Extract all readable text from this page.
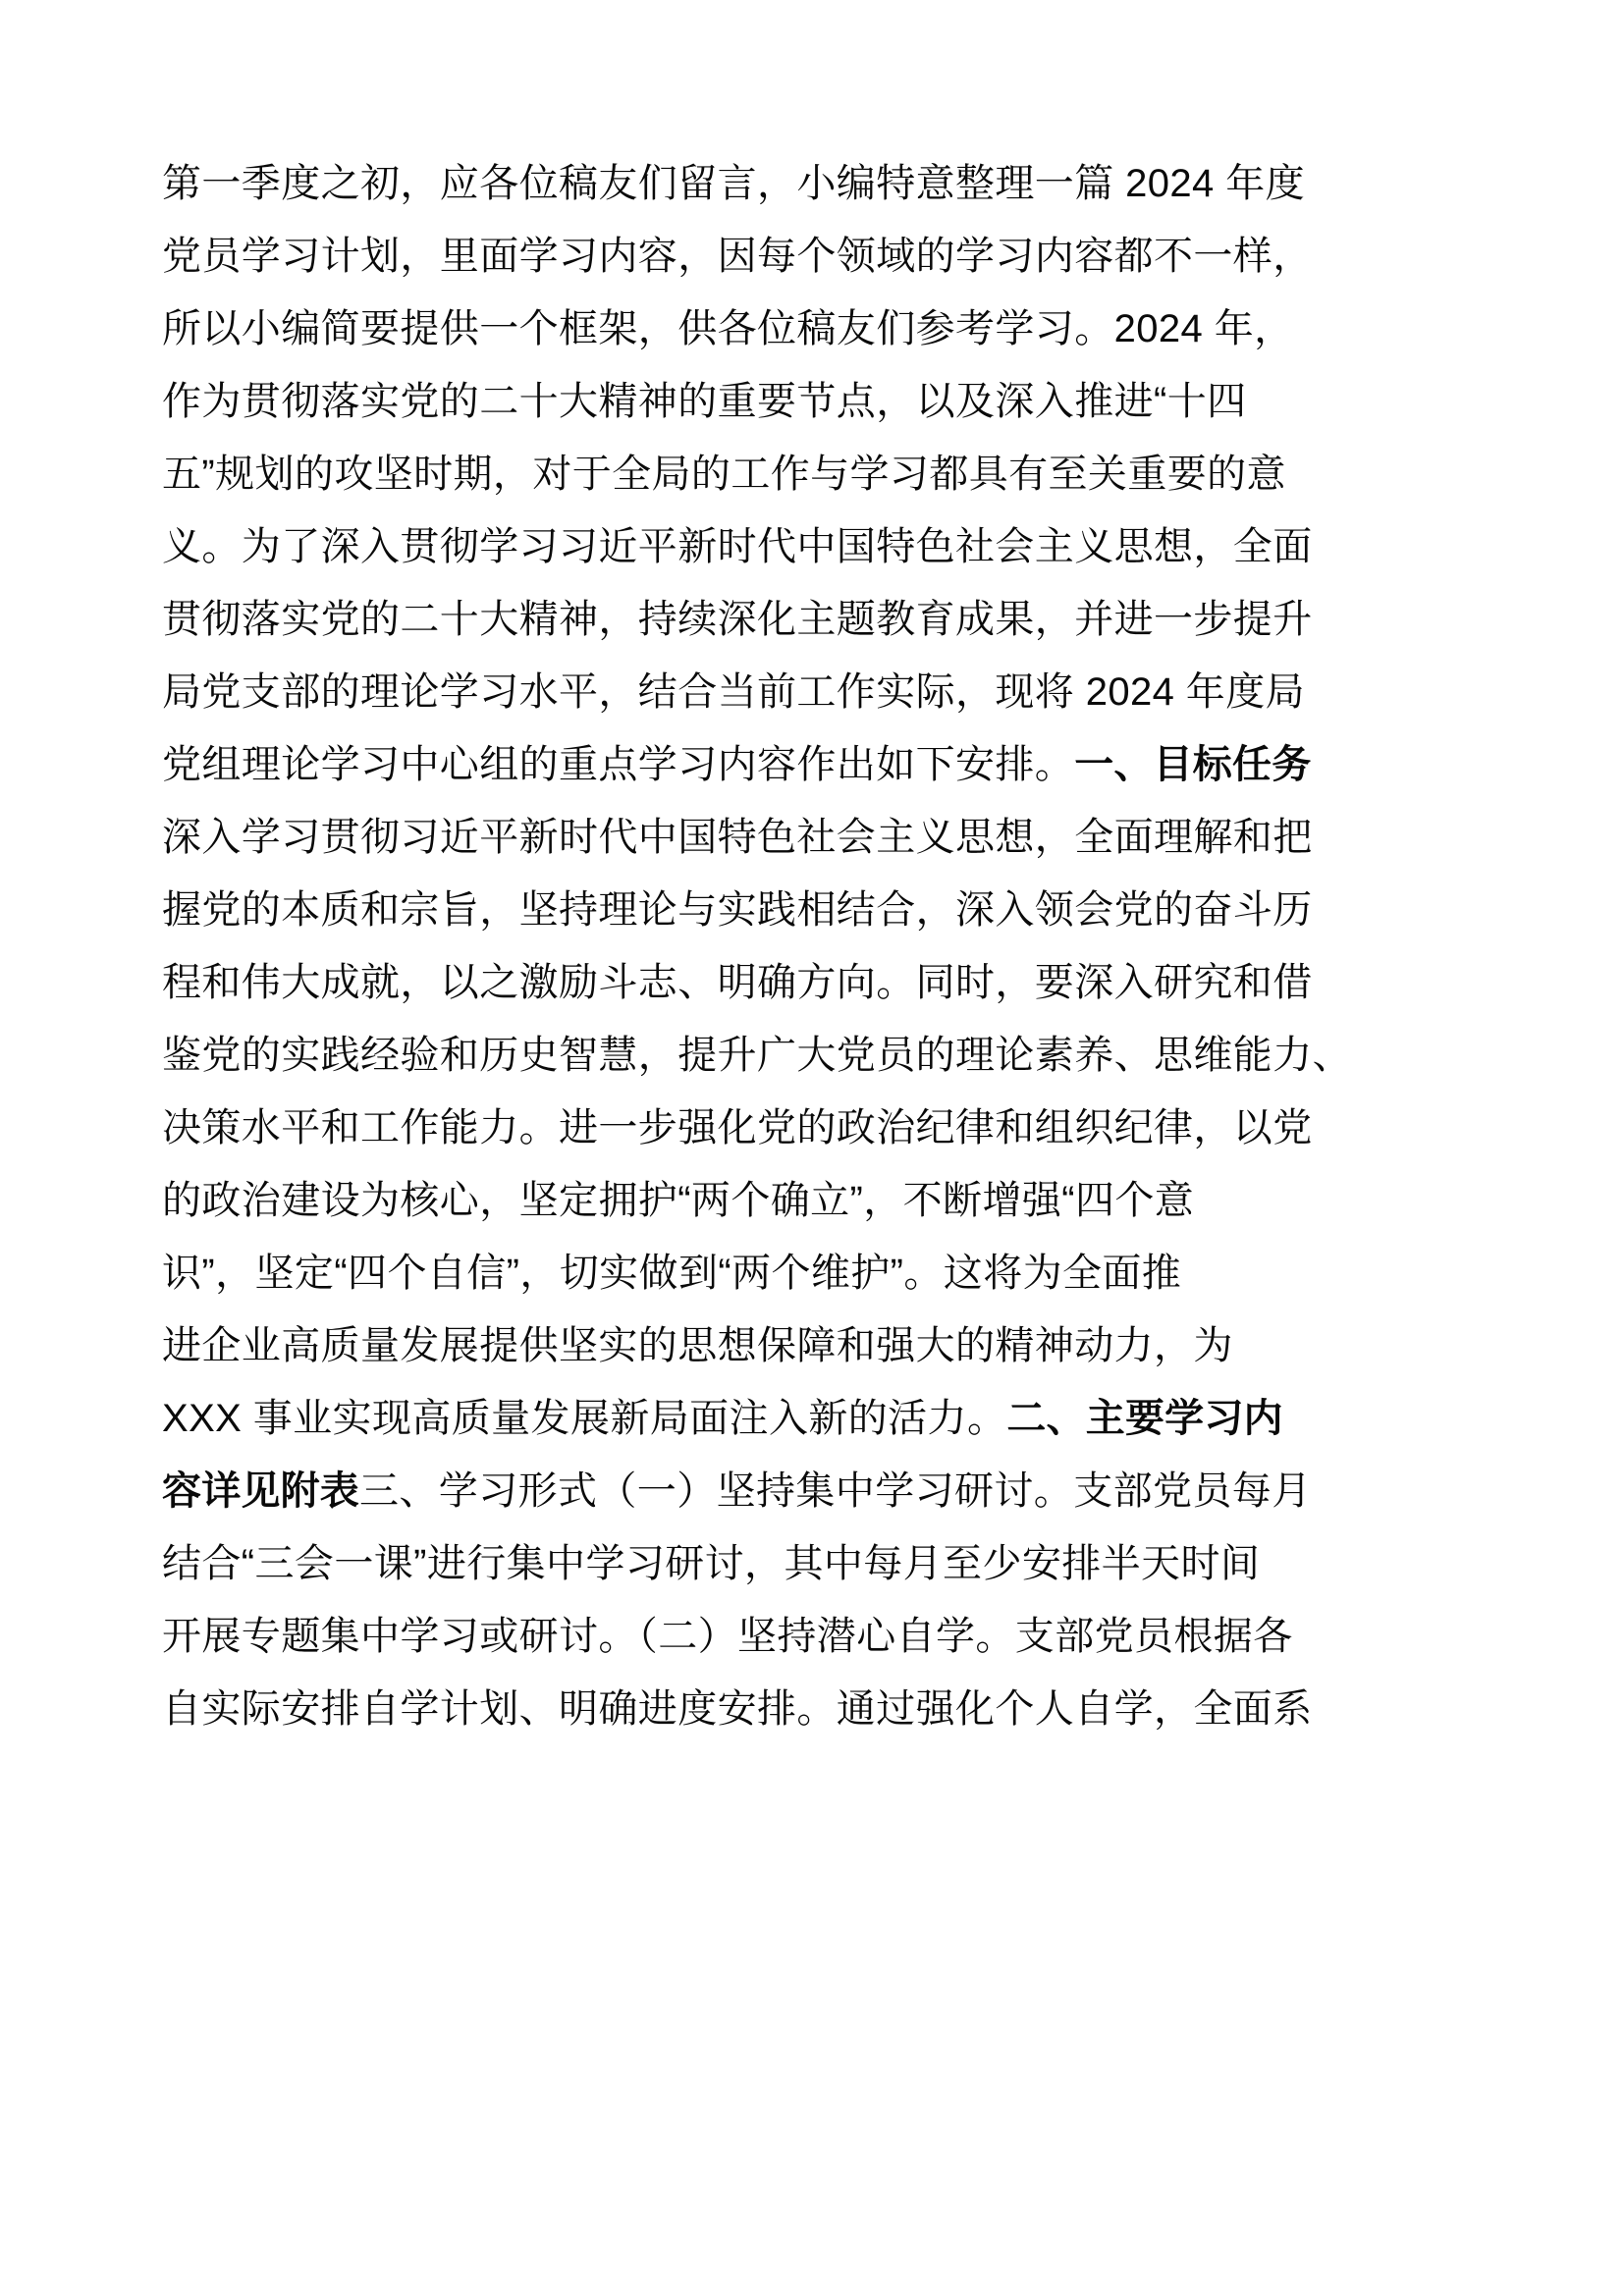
第一季度之初，应各位稿友们留言，小编特意整理一篇 2024 年度
党员学习计划，里面学习内容，因每个领域的学习内容都不一样，
所以小编简要提供一个框架，供各位稿友们参考学习。2024 年，
作为贯彻落实党的二十大精神的重要节点，以及深入推进“十四
五”规划的攻坚时期，对于全局的工作与学习都具有至关重要的意
义。为了深入贯彻学习习近平新时代中国特色社会主义思想，全面
贯彻落实党的二十大精神，持续深化主题教育成果，并进一步提升
局党支部的理论学习水平，结合当前工作实际，现将 2024 年度局
党组理论学习中心组的重点学习内容作出如下安排。一、目标任务
深入学习贯彻习近平新时代中国特色社会主义思想，全面理解和把
握党的本质和宗旨，坚持理论与实践相结合，深入领会党的奋斗历
程和伟大成就，以之激励斗志、明确方向。同时，要深入研究和借
鉴党的实践经验和历史智慧，提升广大党员的理论素养、思维能力、
决策水平和工作能力。进一步强化党的政治纪律和组织纪律，以党
的政治建设为核心，坚定拥护“两个确立”，不断增强“四个意
识”，坚定“四个自信”，切实做到“两个维护”。这将为全面推
进企业高质量发展提供坚实的思想保障和强大的精神动力，为
XXX 事业实现高质量发展新局面注入新的活力。二、主要学习内
容详见附表三、学习形式（一）坚持集中学习研讨。支部党员每月
结合“三会一课”进行集中学习研讨，其中每月至少安排半天时间
开展专题集中学习或研讨。（二）坚持潜心自学。支部党员根据各
自实际安排自学计划、明确进度安排。通过强化个人自学，全面系
